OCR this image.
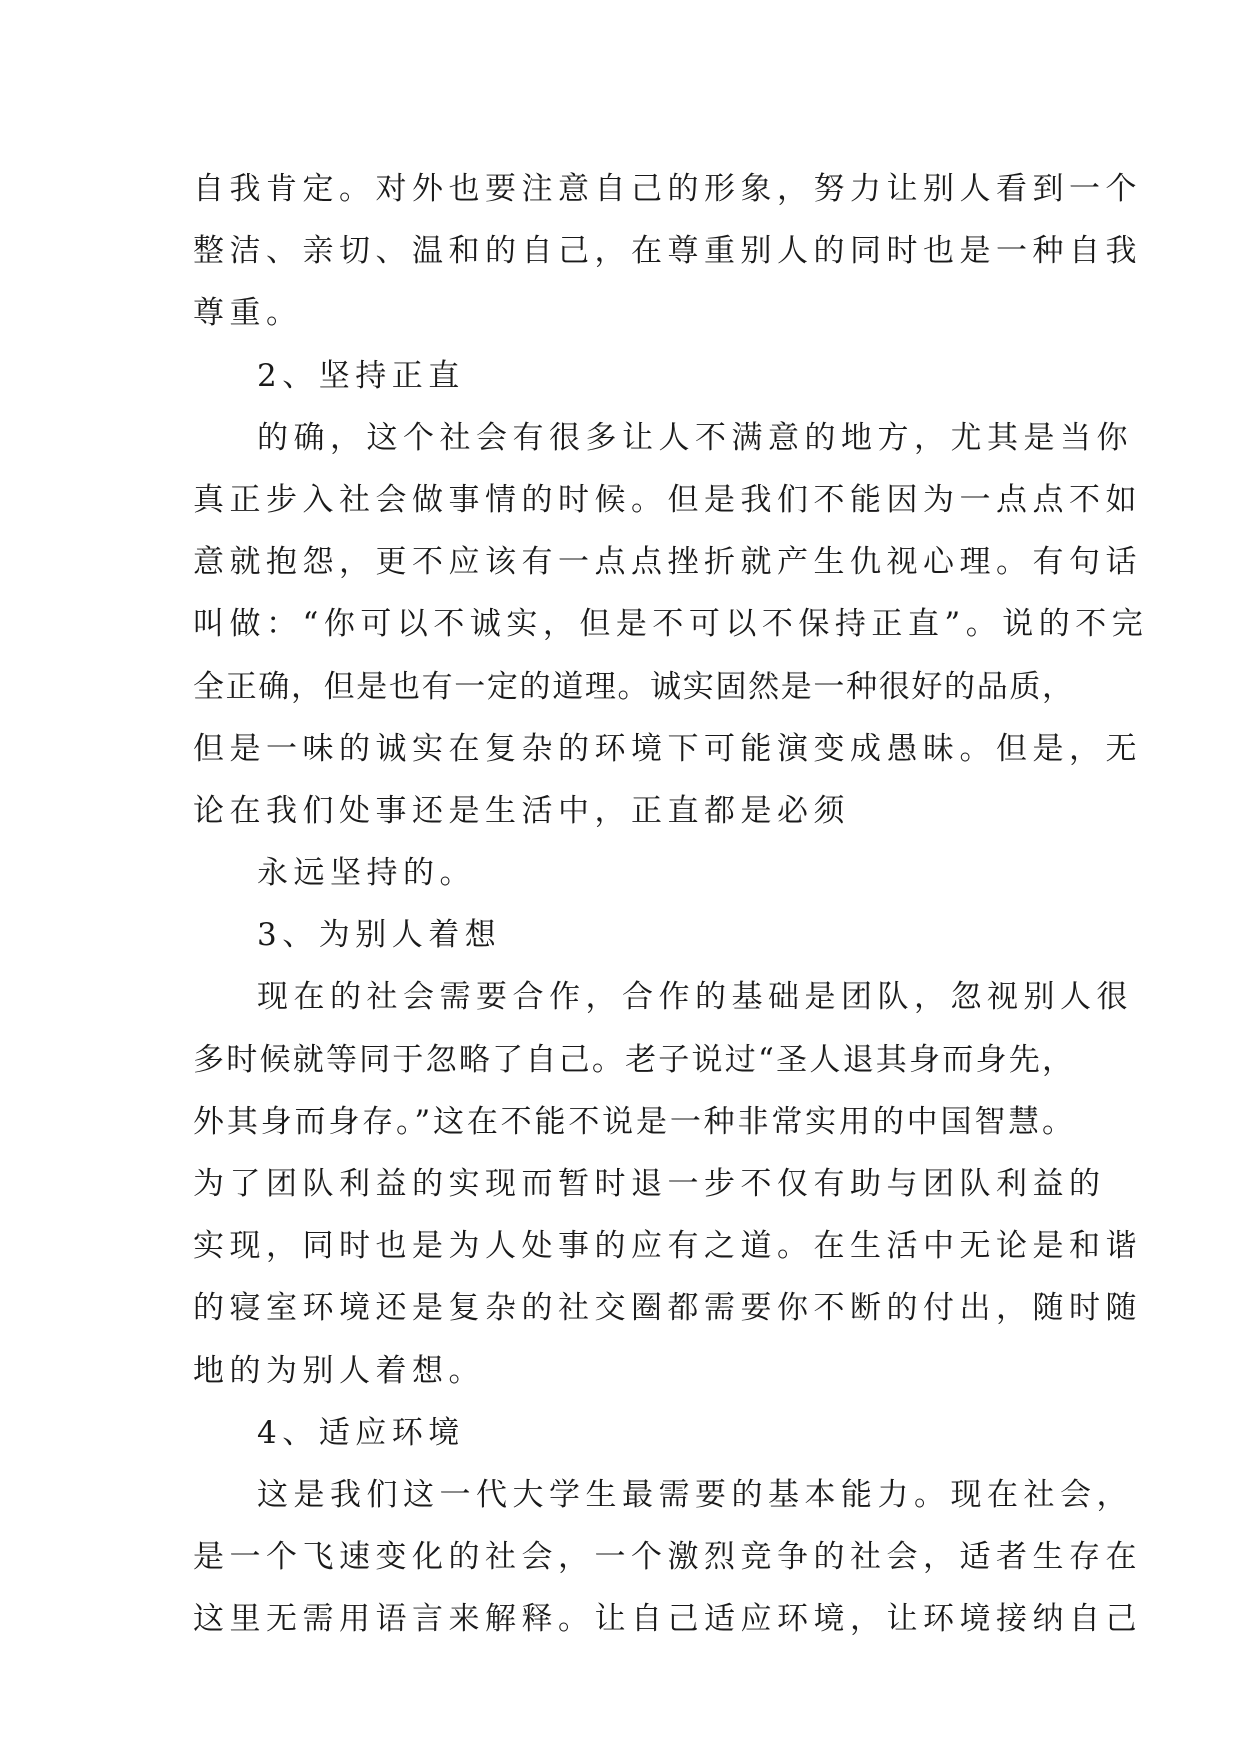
自我肯定。对外也要注意自己的形象，努力让别人看到一个
整洁、亲切、温和的自己，在尊重别人的同时也是一种自我
尊重。
2、坚持正直
的确，这个社会有很多让人不满意的地方，尤其是当你
真正步入社会做事情的时候。但是我们不能因为一点点不如
意就抱怨，更不应该有一点点挫折就产生仇视心理。有句话
叫做：“你可以不诚实，但是不可以不保持正直”。说的不完
全正确，但是也有一定的道理。诚实固然是一种很好的品质，
但是一味的诚实在复杂的环境下可能演变成愚昧。但是，无
论在我们处事还是生活中，正直都是必须
永远坚持的。
3、为别人着想
现在的社会需要合作，合作的基础是团队，忽视别人很
多时候就等同于忽略了自己。老子说过“圣人退其身而身先，
外其身而身存。”这在不能不说是一种非常实用的中国智慧。
为了团队利益的实现而暂时退一步不仅有助与团队利益的
实现，同时也是为人处事的应有之道。在生活中无论是和谐
的寝室环境还是复杂的社交圈都需要你不断的付出，随时随
地的为别人着想。
4、适应环境
这是我们这一代大学生最需要的基本能力。现在社会，
是一个飞速变化的社会，一个激烈竞争的社会，适者生存在
这里无需用语言来解释。让自己适应环境，让环境接纳自己
